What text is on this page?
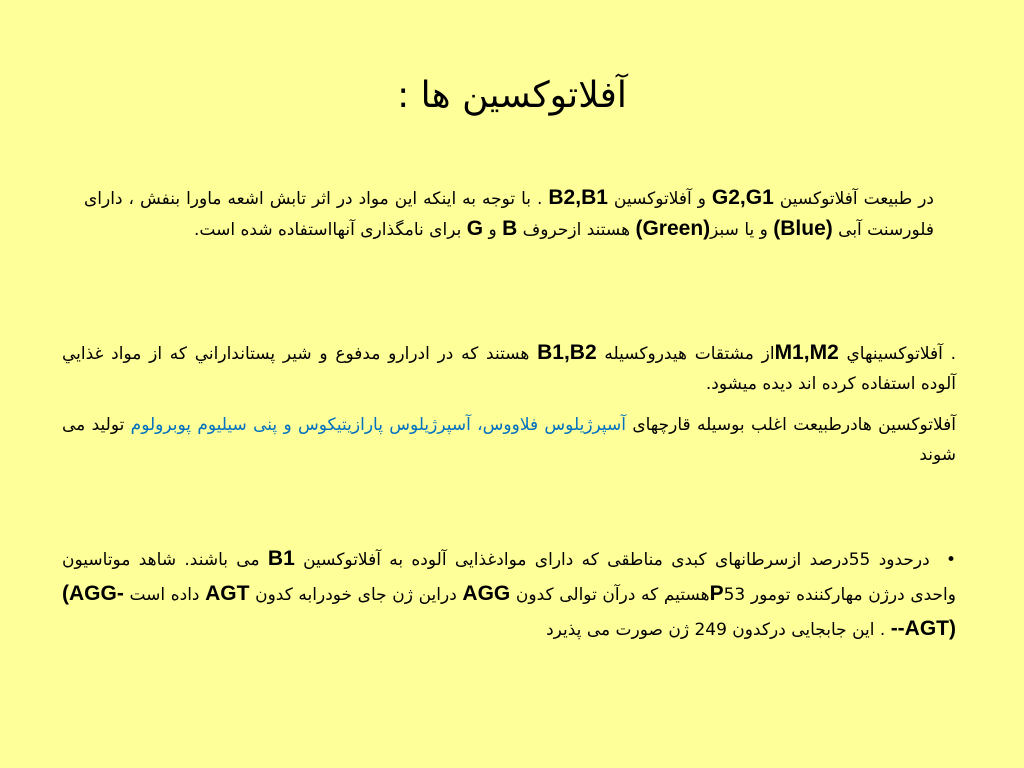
آفلاتوکسین ها :
در طبیعت آفلاتوکسین G2,G1 و آفلاتوکسین B2,B1 . با توجه به اینکه این مواد در اثر تابش اشعه ماورا بنفش ، دارای فلورسنت آبی (Blue) و یا سبز(Green) هستند ازحروف B و G برای نامگذاری آنهااستفاده شده است.
. آفلاتوکسینهاي M1,M2از مشتقات هیدروکسیله B1,B2 هستند که در ادرارو مدفوع و شیر پستانداراني که از مواد غذايي آلوده استفاده کرده اند دیده میشود.
آفلاتوکسین هادرطبیعت اغلب بوسیله قارچهای آسپرژیلوس فلاووس، آسپرژیلوس پارازیتیکوس و پنی سیلیوم پوبرولوم تولید می شوند
• درحدود 55درصد ازسرطانهای کبدی مناطقی که دارای موادغذایی آلوده به آفلاتوکسین B1 می باشند. شاهد موتاسیون واحدی درژن مهارکننده تومور P53هستیم که درآن توالی کدون AGG دراین ژن جای خودرابه کدون AGT داده است (AGG---AGT) . این جابجایی درکدون 249 ژن صورت می پذیرد
